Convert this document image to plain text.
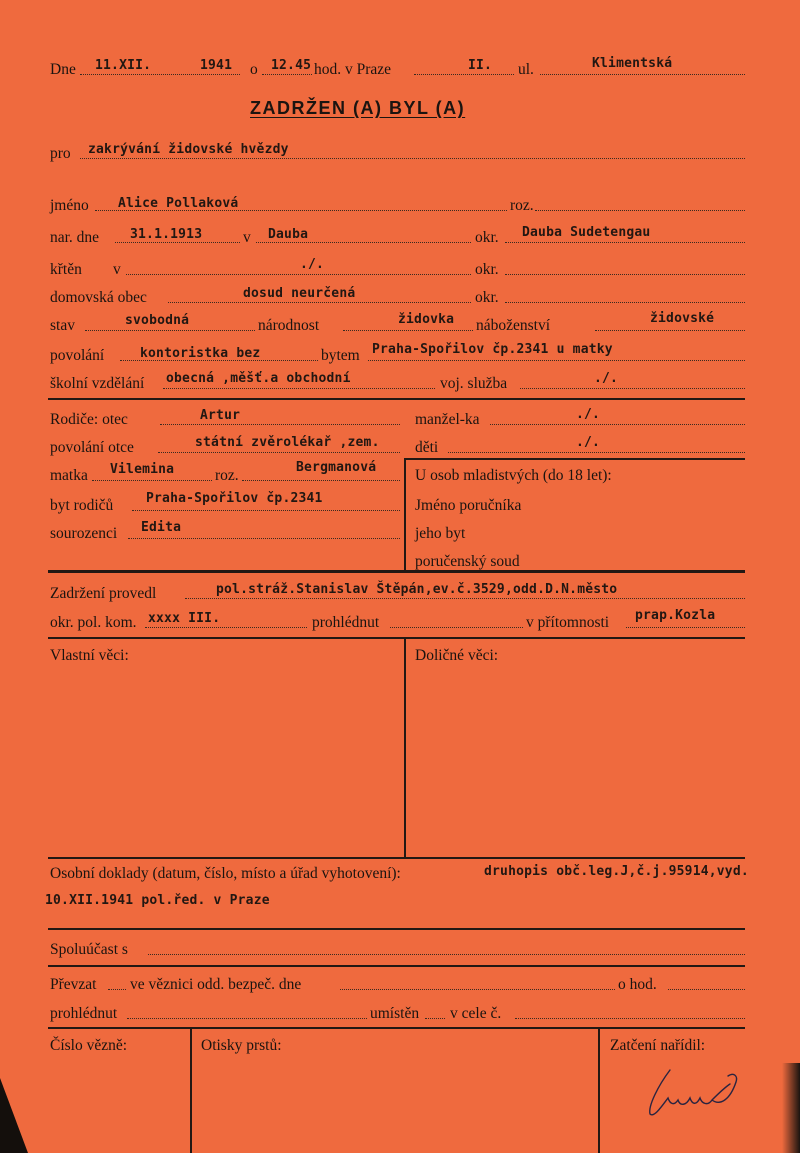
Dne 11.XII.	1941 o 12.45 hod. v Praze	II. ul.	Klimentská
ZADRŽEN (A) BYL (A)
pro zakrývání židovské hvězdy
jméno Alice Pollaková	roz.
nar. dne 31.1.1913	v Dauba	okr. Dauba Sudetengau
křtěn v	./.	okr.
domovská obec	dosud neurčená	okr.
stav	svobodná	národnost	židovka náboženství	židovské
povolání	kontoristka bez	bytem Praha-Spořilov čp.2341 u matky
školní vzdělání obecná ,měšť.a obchodní	voj. služba	./.
Rodiče: otec	Artur
povolání otce	státní zvěrolékař ,zem.
matka Vilemina	roz.	Bergmanová
byt rodičů	Praha-Spořilov čp.2341
sourozenci Edita
manžel-ka	./.
děti	./.
U osob mladistvých (do 18 let):
Jméno poručníka
jeho byt
poručenský soud
Zadržení provedl	pol.stráž.Stanislav Štěpán,ev.č.3529,odd.D.N.město
okr. pol. kom. xxxx III.	prohlédnut	v přítomnosti prap.Kozla
Vlastní věci:	Doličné věci:
Osobní doklady (datum, číslo, místo a úřad vyhotovení):	druhopis obč.leg.J,č.j.95914,vyd.
10.XII.1941 pol.řed. v Praze
Spoluúčast s
Převzat ve věznici odd. bezpeč. dne	o hod.
prohlédnut	umístěn v cele č.
Číslo vězně:	Otisky prstů:	Zatčení nařídil:
